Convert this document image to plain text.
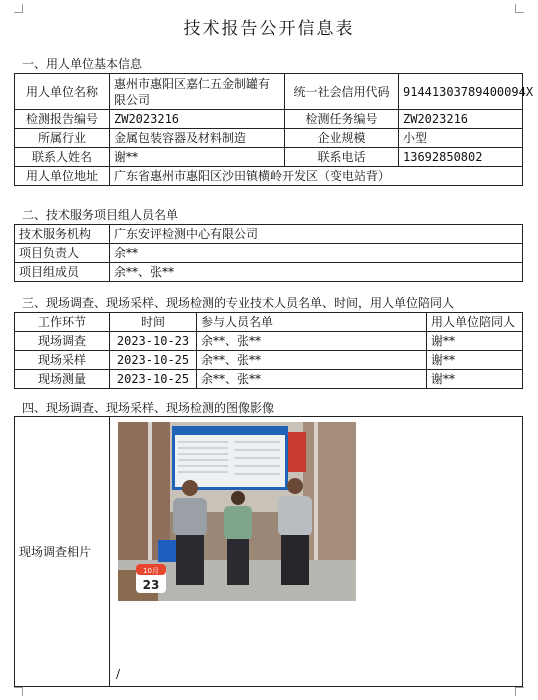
技术报告公开信息表
一、用人单位基本信息
用人单位名称	惠州市惠阳区嘉仁五金制罐有限公司	统一社会信用代码	91441303789400094X
检测报告编号	ZW2023216	检测任务编号	ZW2023216
所属行业	金属包装容器及材料制造	企业规模	小型
联系人姓名	谢**	联系电话	13692850802
用人单位地址	广东省惠州市惠阳区沙田镇横岭开发区（变电站背）		
二、技术服务项目组人员名单
技术服务机构	广东安评检测中心有限公司
项目负责人	余**
项目组成员	余**、张**
三、现场调查、现场采样、现场检测的专业技术人员名单、时间，用人单位陪同人
工作环节	时间	参与人员名单	用人单位陪同人
现场调查	2023-10-23	余**、张**	谢**
现场采样	2023-10-25	余**、张**	谢**
现场测量	2023-10-25	余**、张**	谢**
四、现场调查、现场采样、现场检测的图像影像
现场调查相片	
10月
23
/
